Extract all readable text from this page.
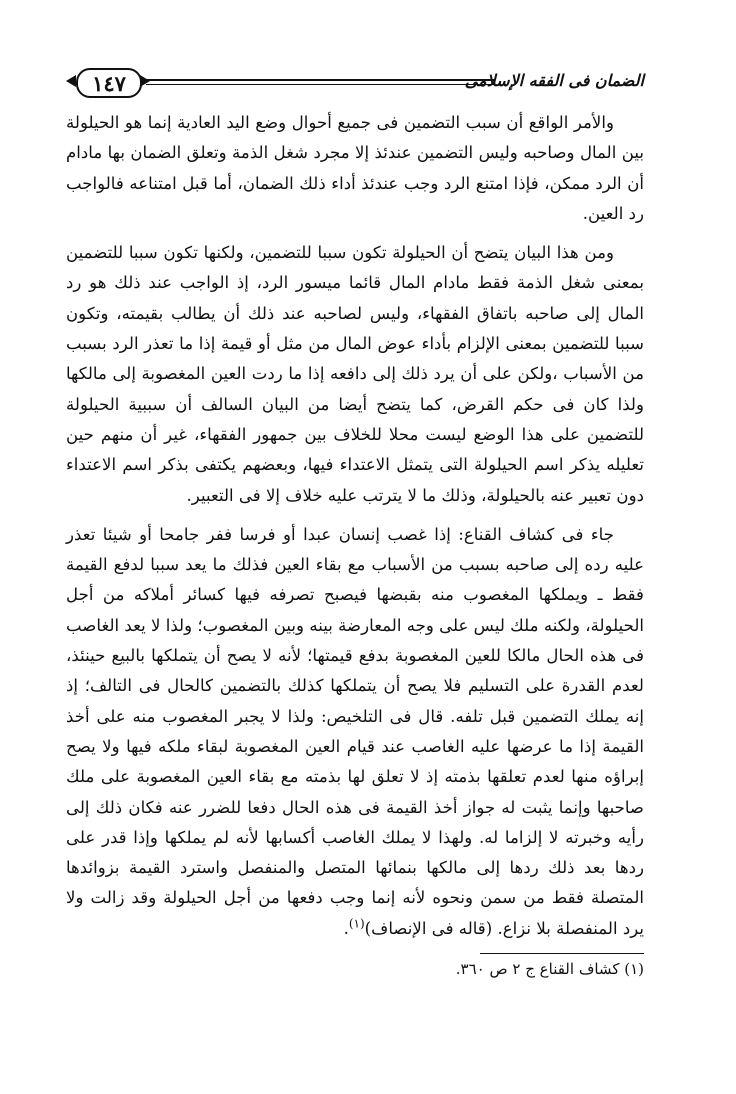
١٤٧	الضمان فى الفقه الإسلامى

والأمر الواقع أن سبب التضمين فى جميع أحوال وضع اليد العادية إنما هو الحيلولة بين المال وصاحبه وليس التضمين عندئذ إلا مجرد شغل الذمة وتعلق الضمان بها مادام أن الرد ممكن، فإذا امتنع الرد وجب عندئذ أداء ذلك الضمان، أما قبل امتناعه فالواجب رد العين.

ومن هذا البيان يتضح أن الحيلولة تكون سببا للتضمين، ولكنها تكون سببا للتضمين بمعنى شغل الذمة فقط مادام المال قائما ميسور الرد، إذ الواجب عند ذلك هو رد المال إلى صاحبه باتفاق الفقهاء، وليس لصاحبه عند ذلك أن يطالب بقيمته، وتكون سببا للتضمين بمعنى الإلزام بأداء عوض المال من مثل أو قيمة إذا ما تعذر الرد بسبب من الأسباب ،ولكن على أن يرد ذلك إلى دافعه إذا ما ردت العين المغصوبة إلى مالكها ولذا كان فى حكم القرض، كما يتضح أيضا من البيان السالف أن سببية الحيلولة للتضمين على هذا الوضع ليست محلا للخلاف بين جمهور الفقهاء، غير أن منهم حين تعليله يذكر اسم الحيلولة التى يتمثل الاعتداء فيها، وبعضهم يكتفى بذكر اسم الاعتداء دون تعبير عنه بالحيلولة، وذلك ما لا يترتب عليه خلاف إلا فى التعبير.

جاء فى كشاف القناع: إذا غصب إنسان عبدا أو فرسا ففر جامحا أو شيئا تعذر عليه رده إلى صاحبه بسبب من الأسباب مع بقاء العين فذلك ما يعد سببا لدفع القيمة فقط ـ ويملكها المغصوب منه بقبضها فيصبح تصرفه فيها كسائر أملاكه من أجل الحيلولة، ولكنه ملك ليس على وجه المعارضة بينه وبين المغصوب؛ ولذا لا يعد الغاصب فى هذه الحال مالكا للعين المغصوبة بدفع قيمتها؛ لأنه لا يصح أن يتملكها بالبيع حينئذ، لعدم القدرة على التسليم فلا يصح أن يتملكها كذلك بالتضمين كالحال فى التالف؛ إذ إنه يملك التضمين قبل تلفه. قال فى التلخيص: ولذا لا يجبر المغصوب منه على أخذ القيمة إذا ما عرضها عليه الغاصب عند قيام العين المغصوبة لبقاء ملكه فيها ولا يصح إبراؤه منها لعدم تعلقها بذمته إذ لا تعلق لها بذمته مع بقاء العين المغصوبة على ملك صاحبها وإنما يثبت له جواز أخذ القيمة فى هذه الحال دفعا للضرر عنه فكان ذلك إلى رأيه وخبرته لا إلزاما له. ولهذا لا يملك الغاصب أكسابها لأنه لم يملكها وإذا قدر على ردها بعد ذلك ردها إلى مالكها بنمائها المتصل والمنفصل واسترد القيمة بزوائدها المتصلة فقط من سمن ونحوه لأنه إنما وجب دفعها من أجل الحيلولة وقد زالت ولا يرد المنفصلة بلا نزاع. (قاله فى الإنصاف)$^{(١)}$.

(١) كشاف القناع ج ٢ ص ٣٦٠.
